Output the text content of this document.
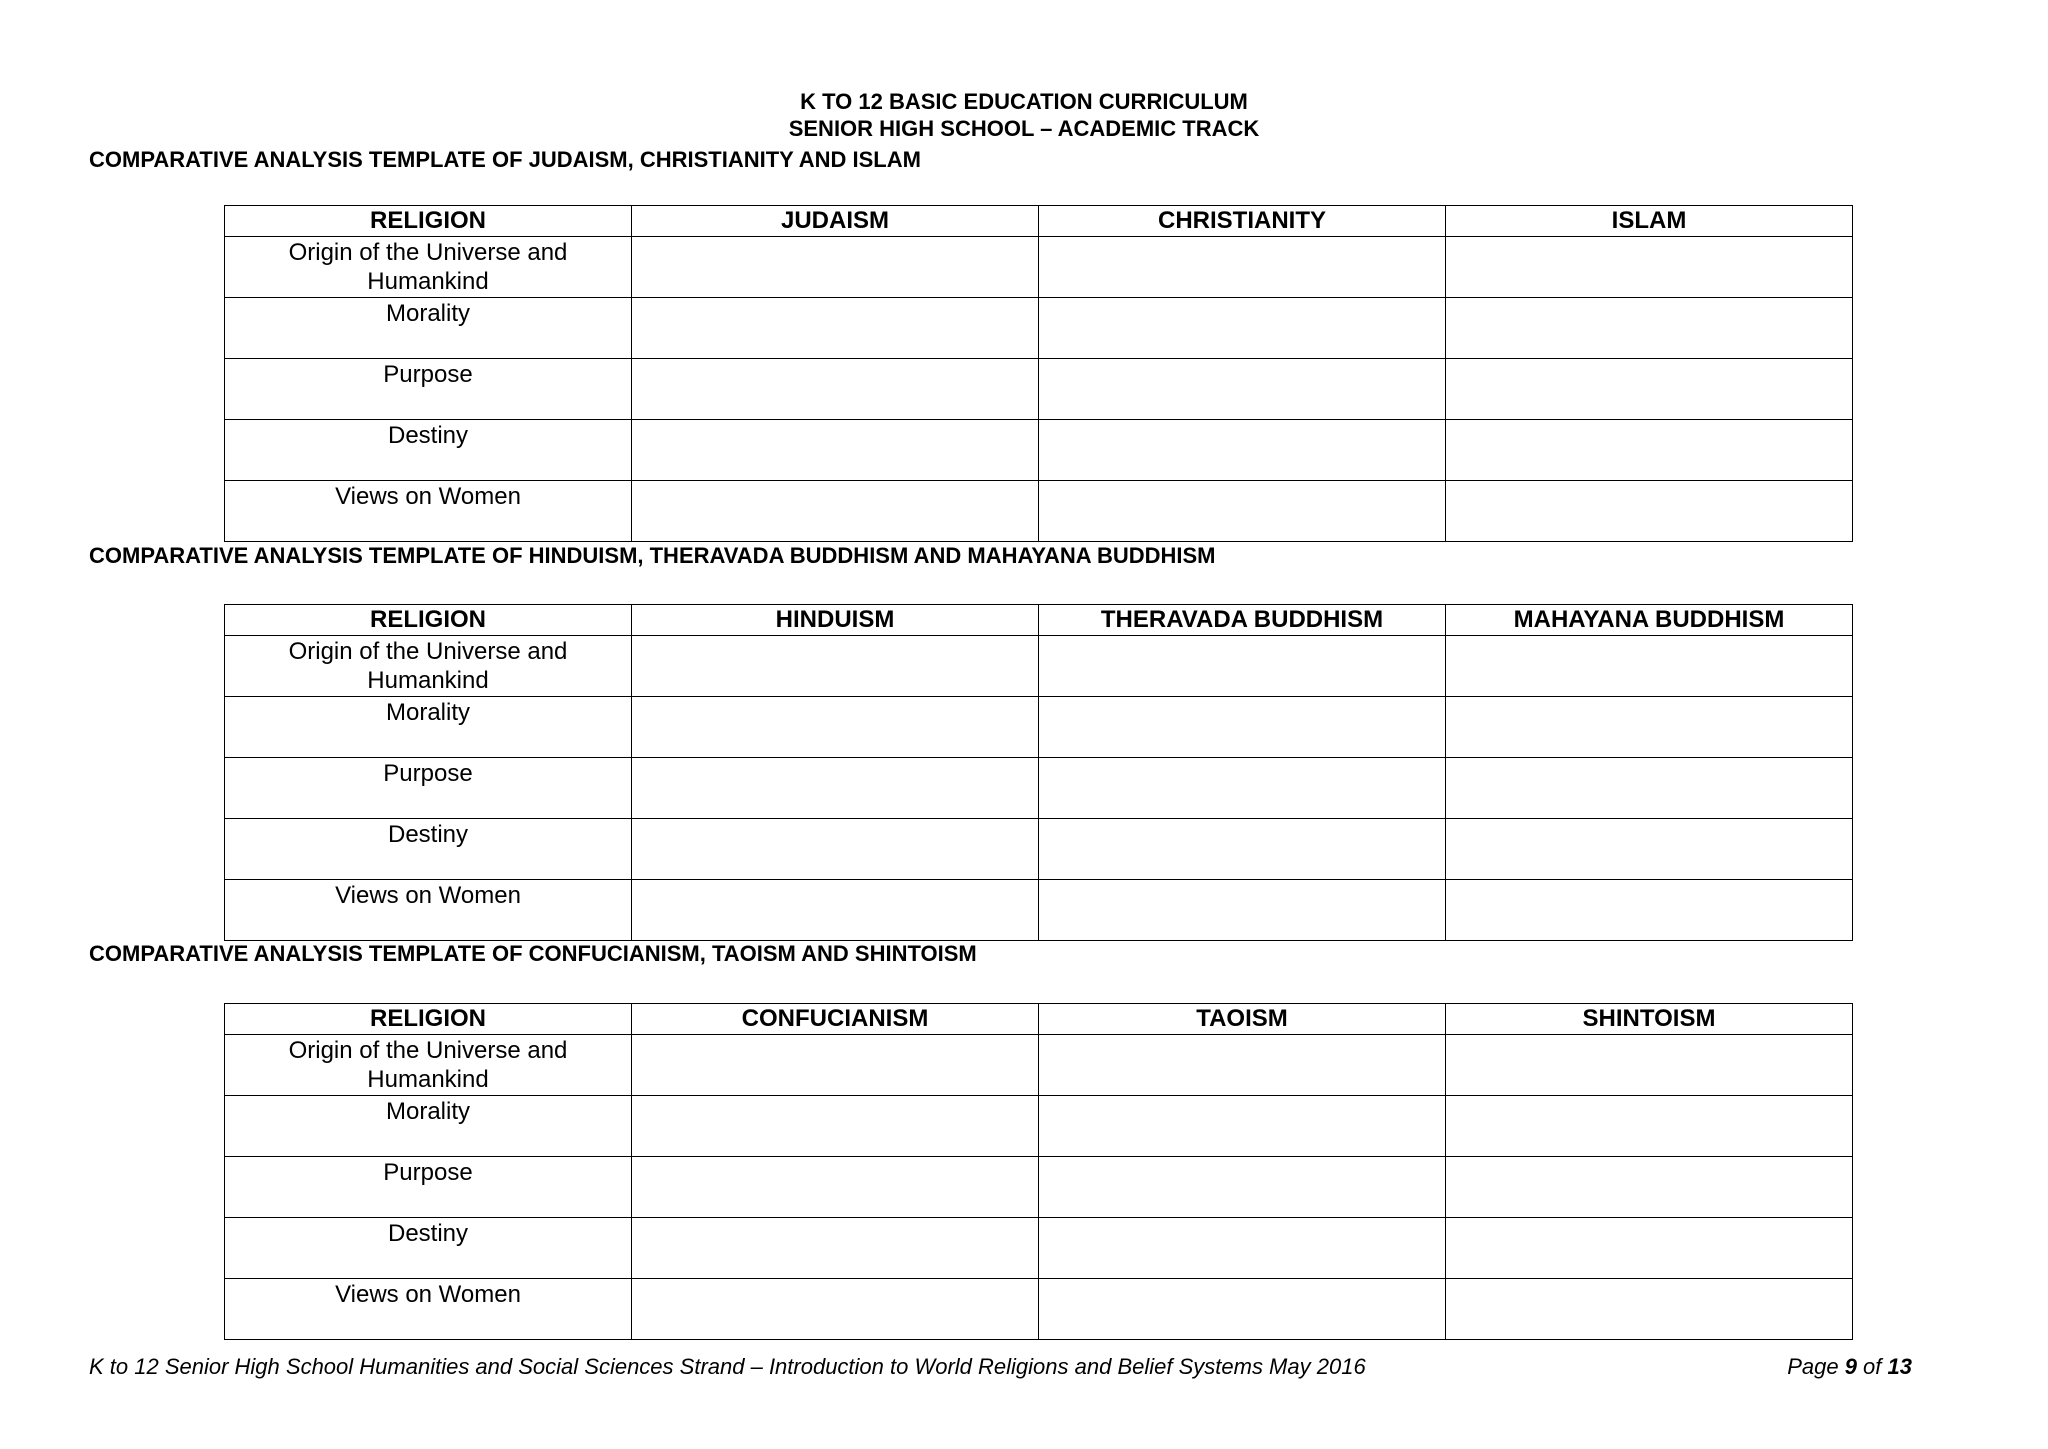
K TO 12 BASIC EDUCATION CURRICULUM
SENIOR HIGH SCHOOL – ACADEMIC TRACK
COMPARATIVE ANALYSIS TEMPLATE OF JUDAISM, CHRISTIANITY AND ISLAM
RELIGION	JUDAISM	CHRISTIANITY	ISLAM
Origin of the Universe and Humankind			
Morality			
Purpose			
Destiny			
Views on Women			
COMPARATIVE ANALYSIS TEMPLATE OF HINDUISM, THERAVADA BUDDHISM AND MAHAYANA BUDDHISM
RELIGION	HINDUISM	THERAVADA BUDDHISM	MAHAYANA BUDDHISM
Origin of the Universe and Humankind			
Morality			
Purpose			
Destiny			
Views on Women			
COMPARATIVE ANALYSIS TEMPLATE OF CONFUCIANISM, TAOISM AND SHINTOISM
RELIGION	CONFUCIANISM	TAOISM	SHINTOISM
Origin of the Universe and Humankind			
Morality			
Purpose			
Destiny			
Views on Women			
K to 12 Senior High School Humanities and Social Sciences Strand – Introduction to World Religions and Belief Systems May 2016	Page 9 of 13
